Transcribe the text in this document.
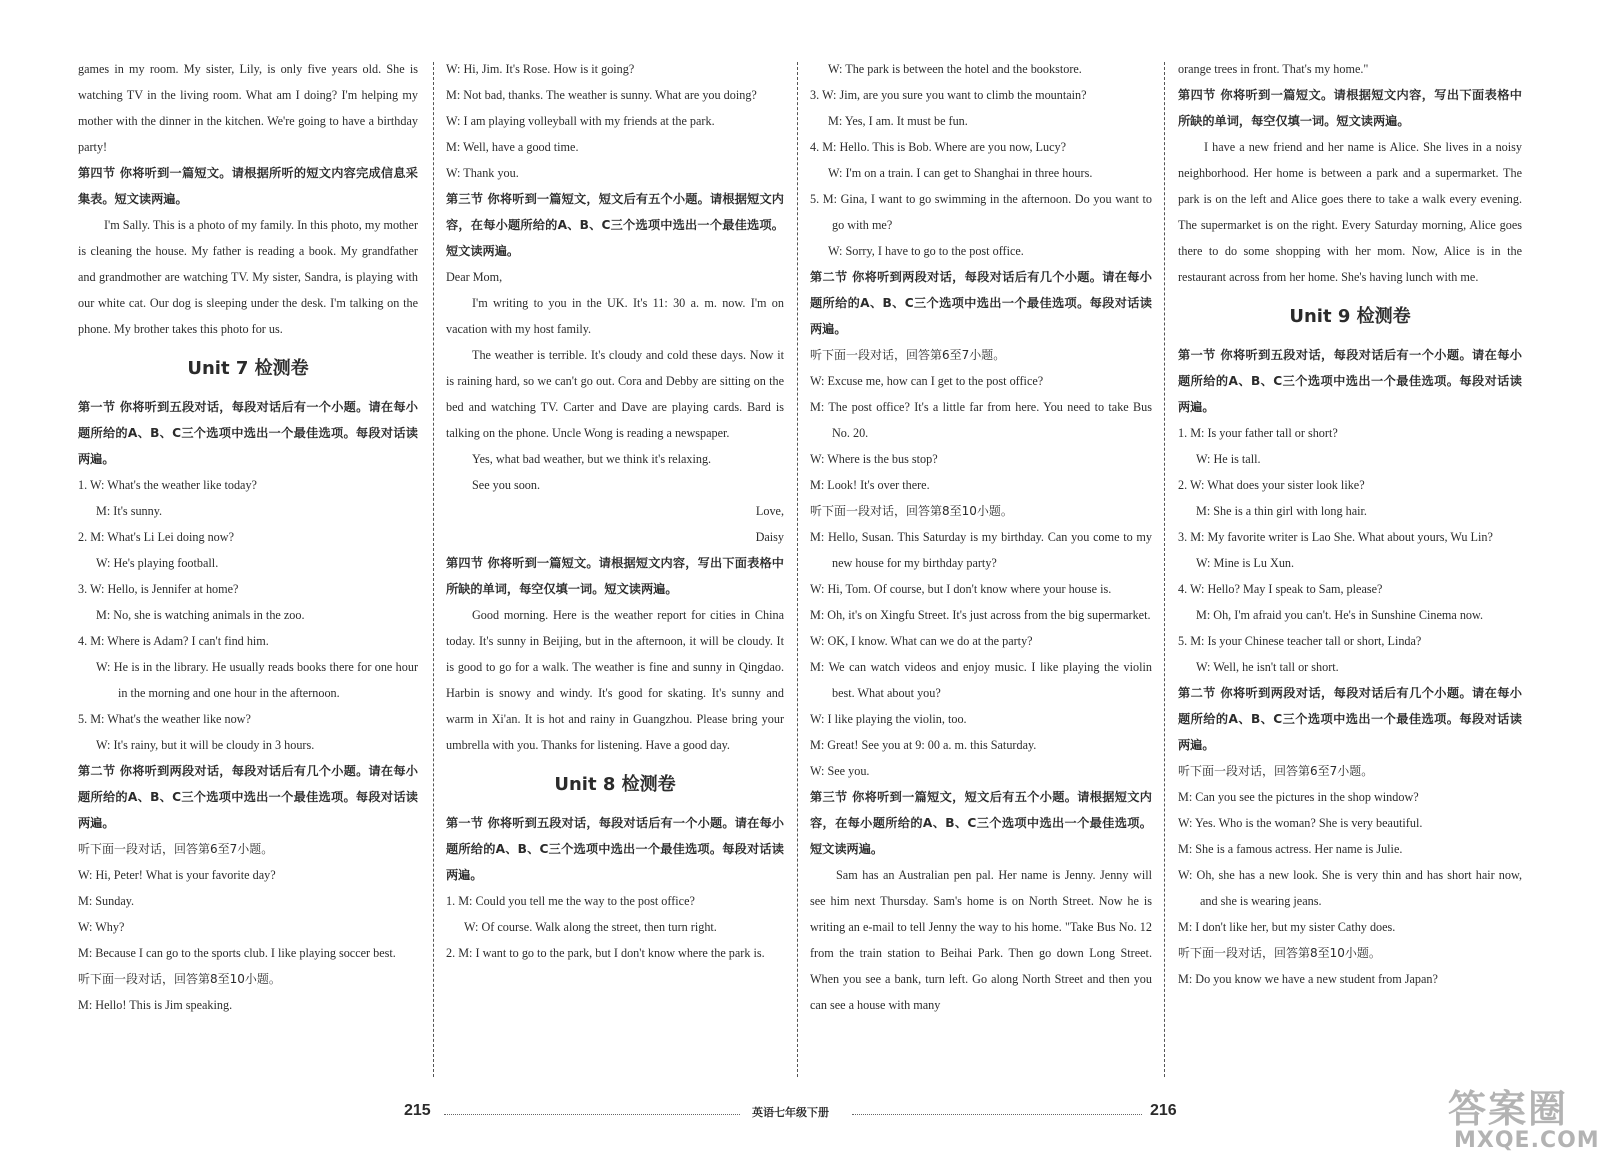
games in my room. My sister, Lily, is only five years old. She is watching TV in the living room. What am I doing? I'm helping my mother with the dinner in the kitchen. We're going to have a birthday party!

第四节 你将听到一篇短文。请根据所听的短文内容完成信息采集表。短文读两遍。

I'm Sally. This is a photo of my family. In this photo, my mother is cleaning the house. My father is reading a book. My grandfather and grandmother are watching TV. My sister, Sandra, is playing with our white cat. Our dog is sleeping under the desk. I'm talking on the phone. My brother takes this photo for us.

Unit 7 检测卷

第一节 你将听到五段对话，每段对话后有一个小题。请在每小题所给的A、B、C三个选项中选出一个最佳选项。每段对话读两遍。

1. W: What's the weather like today?

M: It's sunny.

2. M: What's Li Lei doing now?

W: He's playing football.

3. W: Hello, is Jennifer at home?

M: No, she is watching animals in the zoo.

4. M: Where is Adam? I can't find him.

W: He is in the library. He usually reads books there for one hour in the morning and one hour in the afternoon.

5. M: What's the weather like now?

W: It's rainy, but it will be cloudy in 3 hours.

第二节 你将听到两段对话，每段对话后有几个小题。请在每小题所给的A、B、C三个选项中选出一个最佳选项。每段对话读两遍。

听下面一段对话，回答第6至7小题。

W: Hi, Peter! What is your favorite day?

M: Sunday.

W: Why?

M: Because I can go to the sports club. I like playing soccer best.

听下面一段对话，回答第8至10小题。

M: Hello! This is Jim speaking.

W: Hi, Jim. It's Rose. How is it going?

M: Not bad, thanks. The weather is sunny. What are you doing?

W: I am playing volleyball with my friends at the park.

M: Well, have a good time.

W: Thank you.

第三节 你将听到一篇短文，短文后有五个小题。请根据短文内容，在每小题所给的A、B、C三个选项中选出一个最佳选项。短文读两遍。

Dear Mom,

I'm writing to you in the UK. It's 11: 30 a. m. now. I'm on vacation with my host family.

The weather is terrible. It's cloudy and cold these days. Now it is raining hard, so we can't go out. Cora and Debby are sitting on the bed and watching TV. Carter and Dave are playing cards. Bard is talking on the phone. Uncle Wong is reading a newspaper.

Yes, what bad weather, but we think it's relaxing.

See you soon.

Love,

Daisy

第四节 你将听到一篇短文。请根据短文内容，写出下面表格中所缺的单词，每空仅填一词。短文读两遍。

Good morning. Here is the weather report for cities in China today. It's sunny in Beijing, but in the afternoon, it will be cloudy. It is good to go for a walk. The weather is fine and sunny in Qingdao. Harbin is snowy and windy. It's good for skating. It's sunny and warm in Xi'an. It is hot and rainy in Guangzhou. Please bring your umbrella with you. Thanks for listening. Have a good day.

Unit 8 检测卷

第一节 你将听到五段对话，每段对话后有一个小题。请在每小题所给的A、B、C三个选项中选出一个最佳选项。每段对话读两遍。

1. M: Could you tell me the way to the post office?

W: Of course. Walk along the street, then turn right.

2. M: I want to go to the park, but I don't know where the park is.

W: The park is between the hotel and the bookstore.

3. W: Jim, are you sure you want to climb the mountain?

M: Yes, I am. It must be fun.

4. M: Hello. This is Bob. Where are you now, Lucy?

W: I'm on a train. I can get to Shanghai in three hours.

5. M: Gina, I want to go swimming in the afternoon. Do you want to go with me?

W: Sorry, I have to go to the post office.

第二节 你将听到两段对话，每段对话后有几个小题。请在每小题所给的A、B、C三个选项中选出一个最佳选项。每段对话读两遍。

听下面一段对话，回答第6至7小题。

W: Excuse me, how can I get to the post office?

M: The post office? It's a little far from here. You need to take Bus No. 20.

W: Where is the bus stop?

M: Look! It's over there.

听下面一段对话，回答第8至10小题。

M: Hello, Susan. This Saturday is my birthday. Can you come to my new house for my birthday party?

W: Hi, Tom. Of course, but I don't know where your house is.

M: Oh, it's on Xingfu Street. It's just across from the big supermarket.

W: OK, I know. What can we do at the party?

M: We can watch videos and enjoy music. I like playing the violin best. What about you?

W: I like playing the violin, too.

M: Great! See you at 9: 00 a. m. this Saturday.

W: See you.

第三节 你将听到一篇短文，短文后有五个小题。请根据短文内容，在每小题所给的A、B、C三个选项中选出一个最佳选项。短文读两遍。

Sam has an Australian pen pal. Her name is Jenny. Jenny will see him next Thursday. Sam's home is on North Street. Now he is writing an e-mail to tell Jenny the way to his home. "Take Bus No. 12 from the train station to Beihai Park. Then go down Long Street. When you see a bank, turn left. Go along North Street and then you can see a house with many

orange trees in front. That's my home."

第四节 你将听到一篇短文。请根据短文内容，写出下面表格中所缺的单词，每空仅填一词。短文读两遍。

I have a new friend and her name is Alice. She lives in a noisy neighborhood. Her home is between a park and a supermarket. The park is on the left and Alice goes there to take a walk every evening. The supermarket is on the right. Every Saturday morning, Alice goes there to do some shopping with her mom. Now, Alice is in the restaurant across from her home. She's having lunch with me.

Unit 9 检测卷

第一节 你将听到五段对话，每段对话后有一个小题。请在每小题所给的A、B、C三个选项中选出一个最佳选项。每段对话读两遍。

1. M: Is your father tall or short?

W: He is tall.

2. W: What does your sister look like?

M: She is a thin girl with long hair.

3. M: My favorite writer is Lao She. What about yours, Wu Lin?

W: Mine is Lu Xun.

4. W: Hello? May I speak to Sam, please?

M: Oh, I'm afraid you can't. He's in Sunshine Cinema now.

5. M: Is your Chinese teacher tall or short, Linda?

W: Well, he isn't tall or short.

第二节 你将听到两段对话，每段对话后有几个小题。请在每小题所给的A、B、C三个选项中选出一个最佳选项。每段对话读两遍。

听下面一段对话，回答第6至7小题。

M: Can you see the pictures in the shop window?

W: Yes. Who is the woman? She is very beautiful.

M: She is a famous actress. Her name is Julie.

W: Oh, she has a new look. She is very thin and has short hair now, and she is wearing jeans.

M: I don't like her, but my sister Cathy does.

听下面一段对话，回答第8至10小题。

M: Do you know we have a new student from Japan?

215	英语七年级下册	216	答案圈
MXQE.COM
